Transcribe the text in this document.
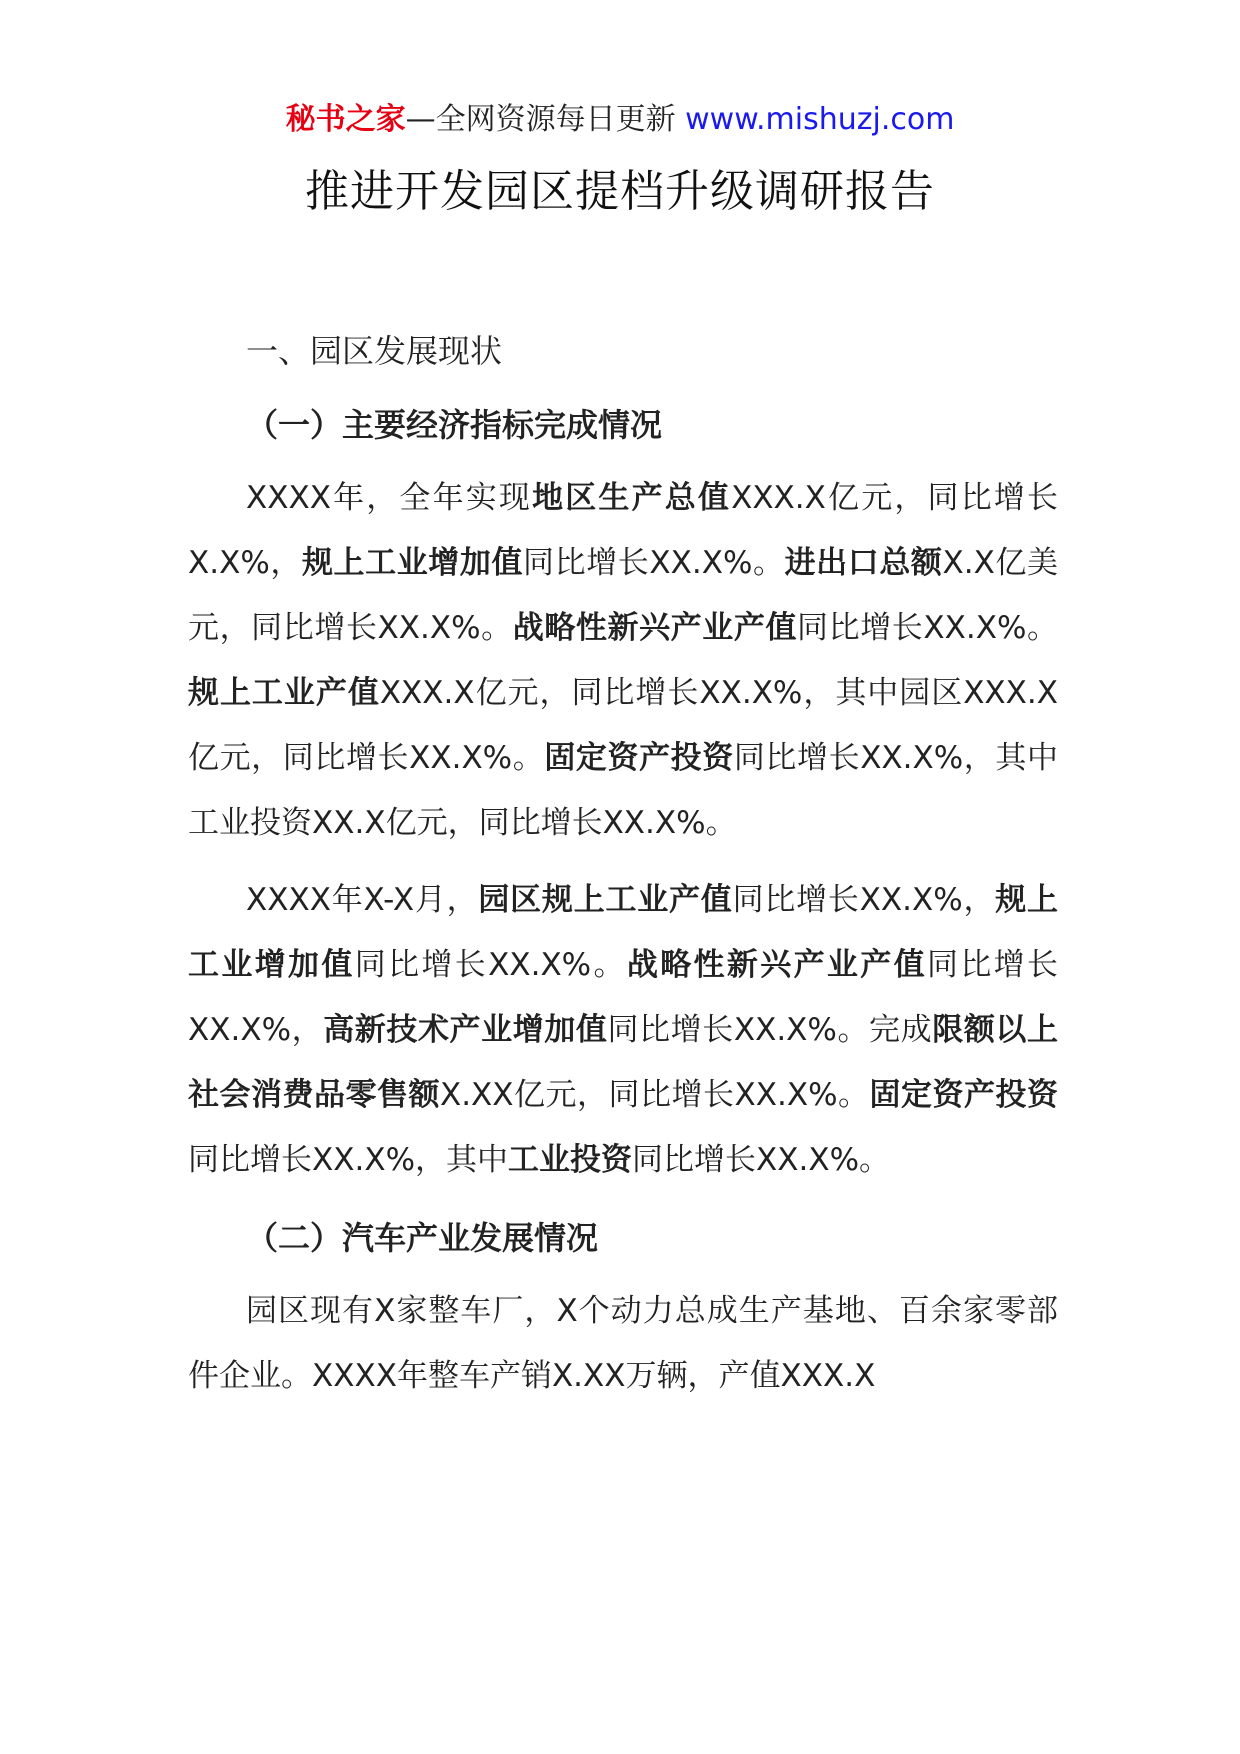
秘书之家—全网资源每日更新 www.mishuzj.com
推进开发园区提档升级调研报告

一、园区发展现状

（一）主要经济指标完成情况

XXXX年，全年实现地区生产总值XXX.X亿元，同比增长X.X%，规上工业增加值同比增长XX.X%。进出口总额X.X亿美元，同比增长XX.X%。战略性新兴产业产值同比增长XX.X%。规上工业产值XXX.X亿元，同比增长XX.X%，其中园区XXX.X亿元，同比增长XX.X%。固定资产投资同比增长XX.X%，其中工业投资XX.X亿元，同比增长XX.X%。

XXXX年X-X月，园区规上工业产值同比增长XX.X%，规上工业增加值同比增长XX.X%。战略性新兴产业产值同比增长XX.X%，高新技术产业增加值同比增长XX.X%。完成限额以上社会消费品零售额X.XX亿元，同比增长XX.X%。固定资产投资同比增长XX.X%，其中工业投资同比增长XX.X%。

（二）汽车产业发展情况

园区现有X家整车厂，X个动力总成生产基地、百余家零部件企业。XXXX年整车产销X.XX万辆，产值XXX.X
